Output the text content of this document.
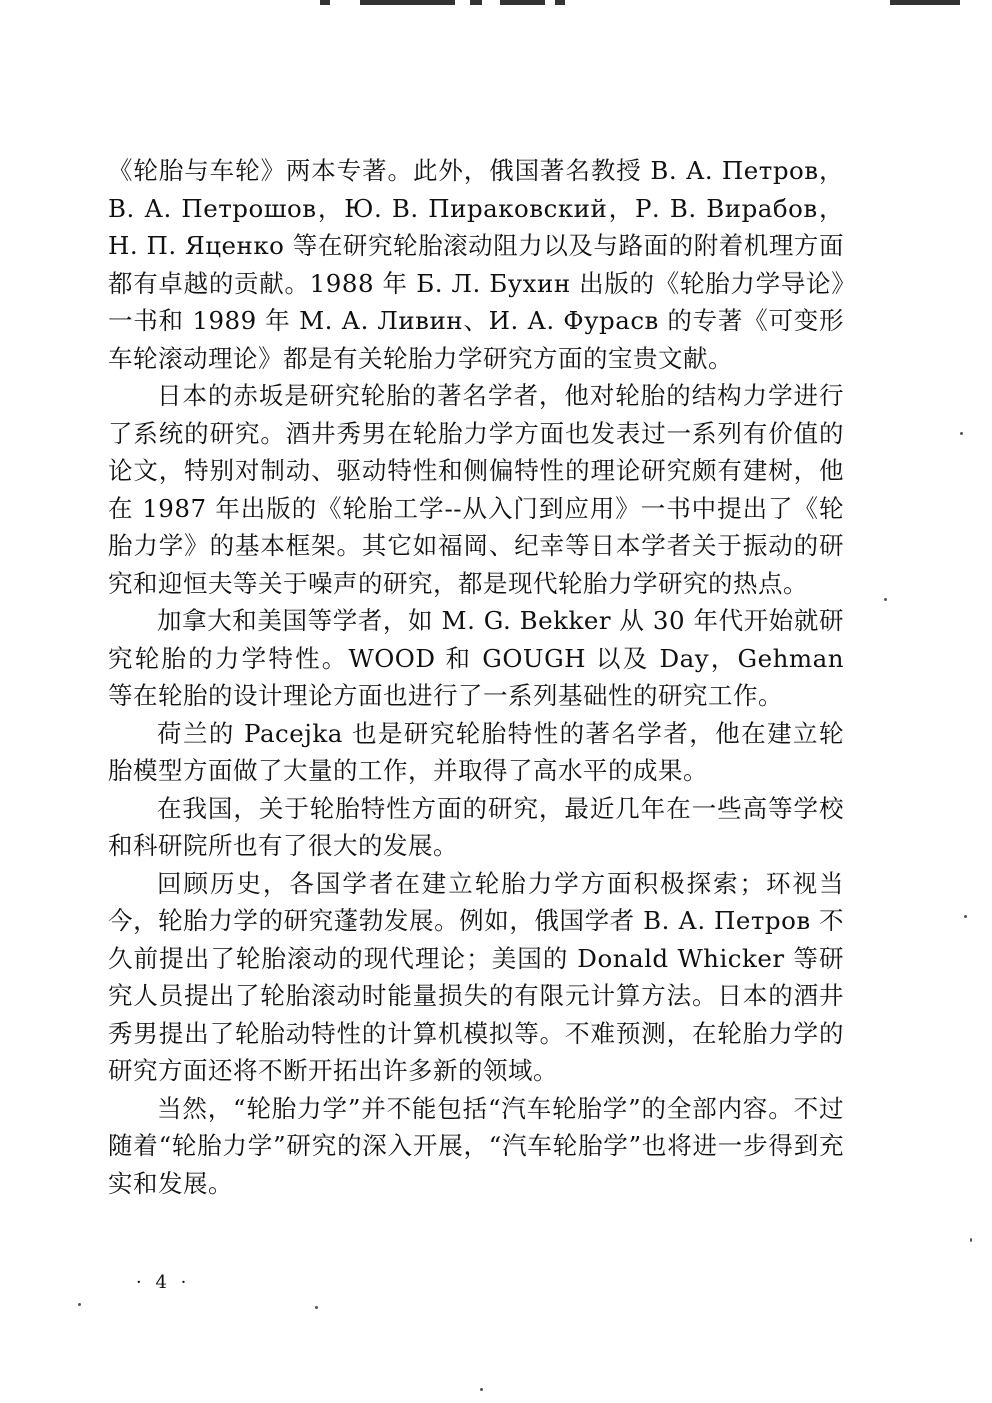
《轮胎与车轮》两本专著。此外，俄国著名教授 В. А. Петров，В. А. Петрошов，Ю. В. Пираковский，Р. В. Вирабов，Н. П. Яценко 等在研究轮胎滚动阻力以及与路面的附着机理方面都有卓越的贡献。1988 年 Б. Л. Бухин 出版的《轮胎力学导论》一书和 1989 年 М. А. Ливин、И. А. Фурасв 的专著《可变形车轮滚动理论》都是有关轮胎力学研究方面的宝贵文献。

日本的赤坂是研究轮胎的著名学者，他对轮胎的结构力学进行了系统的研究。酒井秀男在轮胎力学方面也发表过一系列有价值的论文，特别对制动、驱动特性和侧偏特性的理论研究颇有建树，他在 1987 年出版的《轮胎工学--从入门到应用》一书中提出了《轮胎力学》的基本框架。其它如福岡、纪幸等日本学者关于振动的研究和迎恒夫等关于噪声的研究，都是现代轮胎力学研究的热点。

加拿大和美国等学者，如 M. G. Bekker 从 30 年代开始就研究轮胎的力学特性。WOOD 和 GOUGH 以及 Day，Gehman 等在轮胎的设计理论方面也进行了一系列基础性的研究工作。

荷兰的 Pacejka 也是研究轮胎特性的著名学者，他在建立轮胎模型方面做了大量的工作，并取得了高水平的成果。

在我国，关于轮胎特性方面的研究，最近几年在一些高等学校和科研院所也有了很大的发展。

回顾历史，各国学者在建立轮胎力学方面积极探索；环视当今，轮胎力学的研究蓬勃发展。例如，俄国学者 В. А. Петров 不久前提出了轮胎滚动的现代理论；美国的 Donald Whicker 等研究人员提出了轮胎滚动时能量损失的有限元计算方法。日本的酒井秀男提出了轮胎动特性的计算机模拟等。不难预测，在轮胎力学的研究方面还将不断开拓出许多新的领域。

当然，“轮胎力学”并不能包括“汽车轮胎学”的全部内容。不过随着“轮胎力学”研究的深入开展，“汽车轮胎学”也将进一步得到充实和发展。

· 4 ·
